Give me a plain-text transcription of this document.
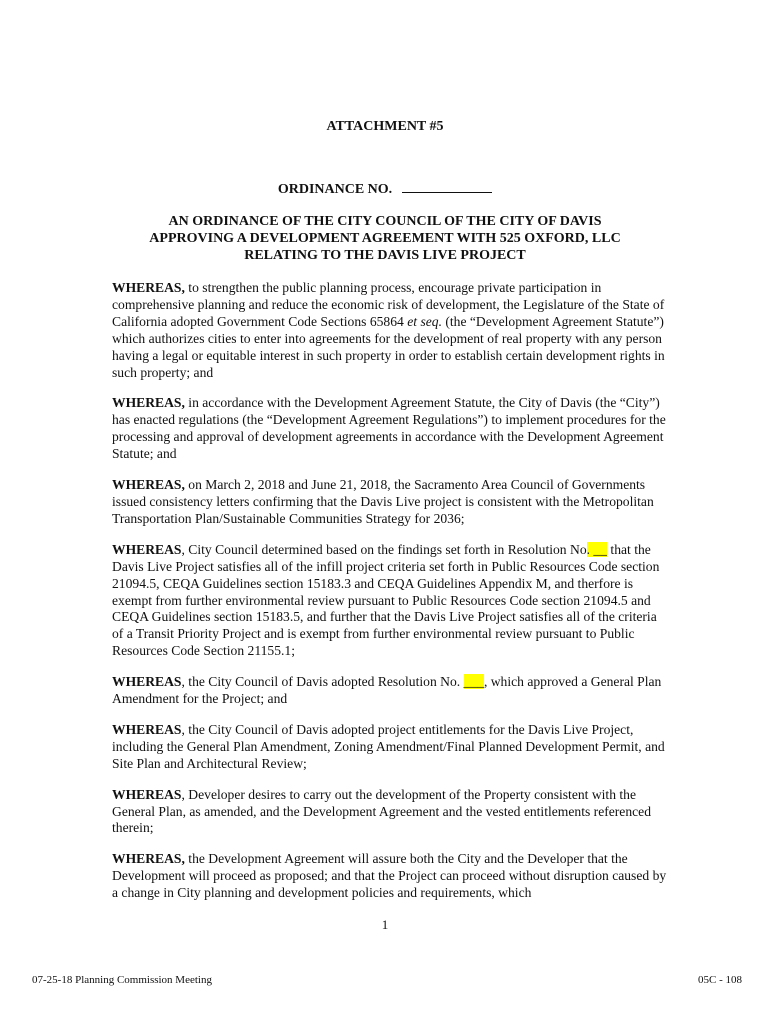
ATTACHMENT #5
ORDINANCE NO.
AN ORDINANCE OF THE CITY COUNCIL OF THE CITY OF DAVIS
APPROVING A DEVELOPMENT AGREEMENT WITH 525 OXFORD, LLC
RELATING TO THE DAVIS LIVE PROJECT

WHEREAS, to strengthen the public planning process, encourage private participation in comprehensive planning and reduce the economic risk of development, the Legislature of the State of California adopted Government Code Sections 65864 et seq. (the “Development Agreement Statute”) which authorizes cities to enter into agreements for the development of real property with any person having a legal or equitable interest in such property in order to establish certain development rights in such property; and

WHEREAS, in accordance with the Development Agreement Statute, the City of Davis (the “City”) has enacted regulations (the “Development Agreement Regulations”) to implement procedures for the processing and approval of development agreements in accordance with the Development Agreement Statute; and

WHEREAS, on March 2, 2018 and June 21, 2018, the Sacramento Area Council of Governments issued consistency letters confirming that the Davis Live project is consistent with the Metropolitan Transportation Plan/Sustainable Communities Strategy for 2036;

WHEREAS, City Council determined based on the findings set forth in Resolution No. __ that the Davis Live Project satisfies all of the infill project criteria set forth in Public Resources Code section 21094.5, CEQA Guidelines section 15183.3 and CEQA Guidelines Appendix M, and therfore is exempt from further environmental review pursuant to Public Resources Code section 21094.5 and CEQA Guidelines section 15183.5, and further that the Davis Live Project satisfies all of the criteria of a Transit Priority Project and is exempt from further environmental review pursuant to Public Resources Code Section 21155.1;

WHEREAS, the City Council of Davis adopted Resolution No. ___, which approved a General Plan Amendment for the Project; and

WHEREAS, the City Council of Davis adopted project entitlements for the Davis Live Project, including the General Plan Amendment, Zoning Amendment/Final Planned Development Permit, and Site Plan and Architectural Review;

WHEREAS, Developer desires to carry out the development of the Property consistent with the General Plan, as amended, and the Development Agreement and the vested entitlements referenced therein;

WHEREAS, the Development Agreement will assure both the City and the Developer that the Development will proceed as proposed; and that the Project can proceed without disruption caused by a change in City planning and development policies and requirements, which

1
07-25-18 Planning Commission Meeting	05C - 108
